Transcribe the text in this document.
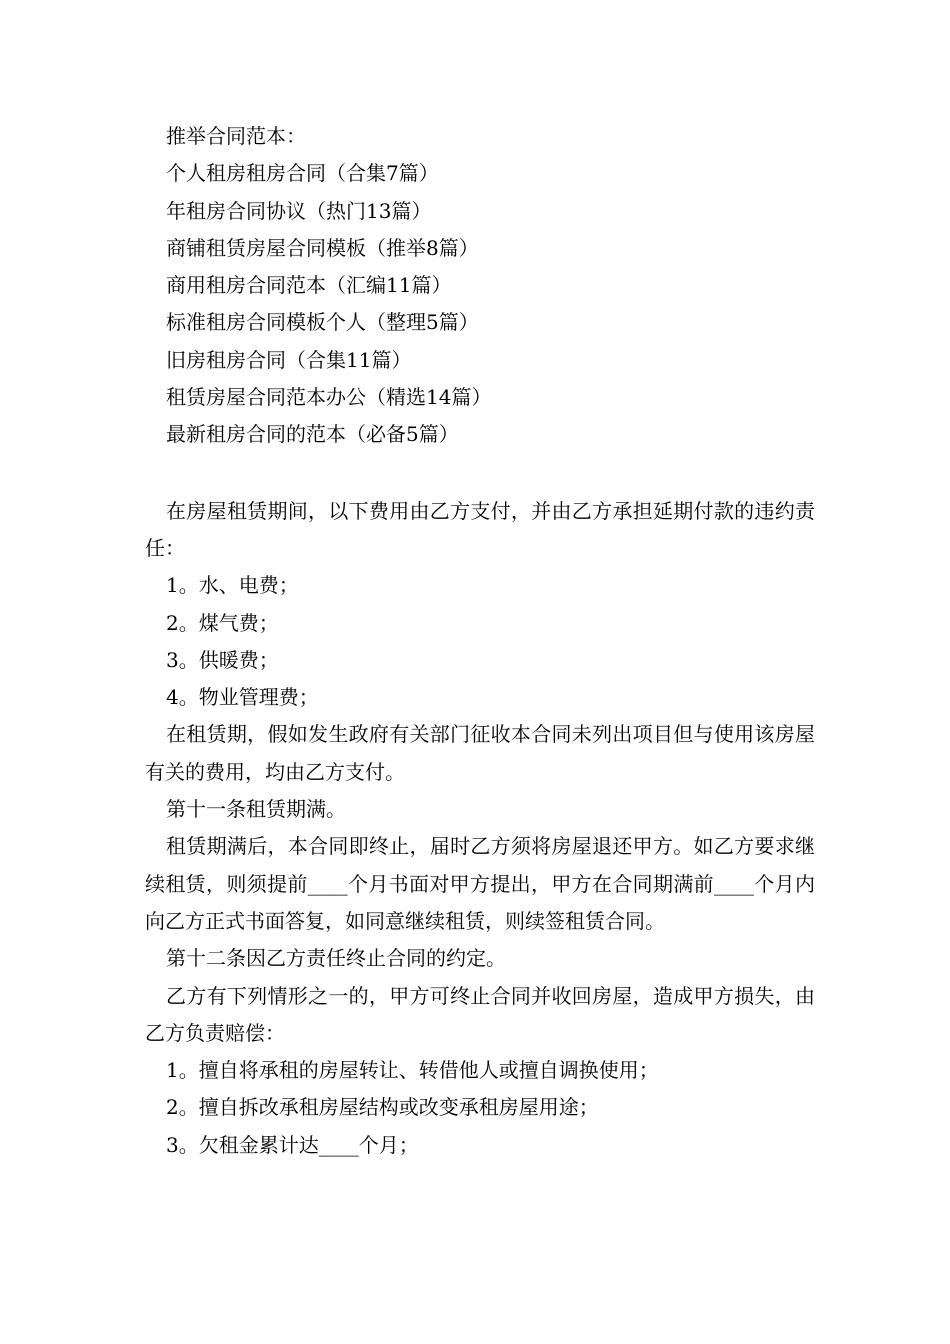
推举合同范本：
个人租房租房合同（合集7篇）
年租房合同协议（热门13篇）
商铺租赁房屋合同模板（推举8篇）
商用租房合同范本（汇编11篇）
标准租房合同模板个人（整理5篇）
旧房租房合同（合集11篇）
租赁房屋合同范本办公（精选14篇）
最新租房合同的范本（必备5篇）
在房屋租赁期间，以下费用由乙方支付，并由乙方承担延期付款的违约责任：
1。水、电费；
2。煤气费；
3。供暖费；
4。物业管理费；
在租赁期，假如发生政府有关部门征收本合同未列出项目但与使用该房屋有关的费用，均由乙方支付。
第十一条租赁期满。
租赁期满后，本合同即终止，届时乙方须将房屋退还甲方。如乙方要求继续租赁，则须提前____个月书面对甲方提出，甲方在合同期满前____个月内向乙方正式书面答复，如同意继续租赁，则续签租赁合同。
第十二条因乙方责任终止合同的约定。
乙方有下列情形之一的，甲方可终止合同并收回房屋，造成甲方损失，由乙方负责赔偿：
1。擅自将承租的房屋转让、转借他人或擅自调换使用；
2。擅自拆改承租房屋结构或改变承租房屋用途；
3。欠租金累计达____个月；
